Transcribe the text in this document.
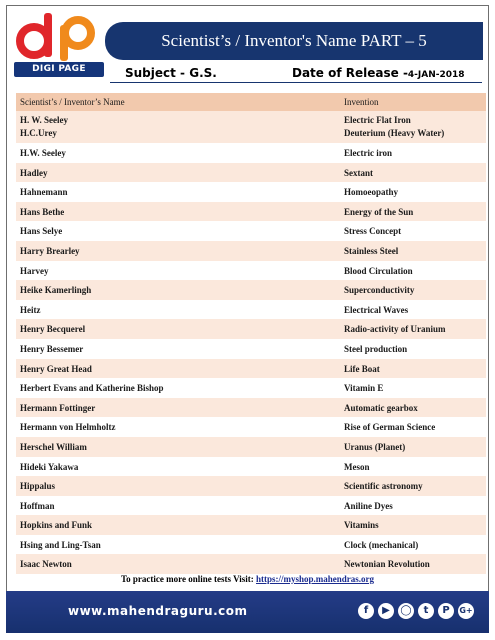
DIGI PAGE
Scientist’s / Inventor's Name PART – 5
Subject - G.S.	Date of Release -4-JAN-2018
Scientist’s / Inventor’s Name	Invention
H. W. Seeley	Electric Flat Iron
H.C.Urey	Deuterium (Heavy Water)
H.W. Seeley	Electric iron
Hadley	Sextant
Hahnemann	Homoeopathy
Hans Bethe	Energy of the Sun
Hans Selye	Stress Concept
Harry Brearley	Stainless Steel
Harvey	Blood Circulation
Heike Kamerlingh	Superconductivity
Heitz	Electrical Waves
Henry Becquerel	Radio-activity of Uranium
Henry Bessemer	Steel production
Henry Great Head	Life Boat
Herbert Evans and Katherine Bishop	Vitamin E
Hermann Fottinger	Automatic gearbox
Hermann von Helmholtz	Rise of German Science
Herschel William	Uranus (Planet)
Hideki Yakawa	Meson
Hippalus	Scientific astronomy
Hoffman	Aniline Dyes
Hopkins and Funk	Vitamins
Hsing and Ling-Tsan	Clock (mechanical)
Isaac Newton	Newtonian Revolution
To practice more online tests Visit: https://myshop.mahendras.org
www.mahendraguru.com	f	▶	◯	t	P	G+
